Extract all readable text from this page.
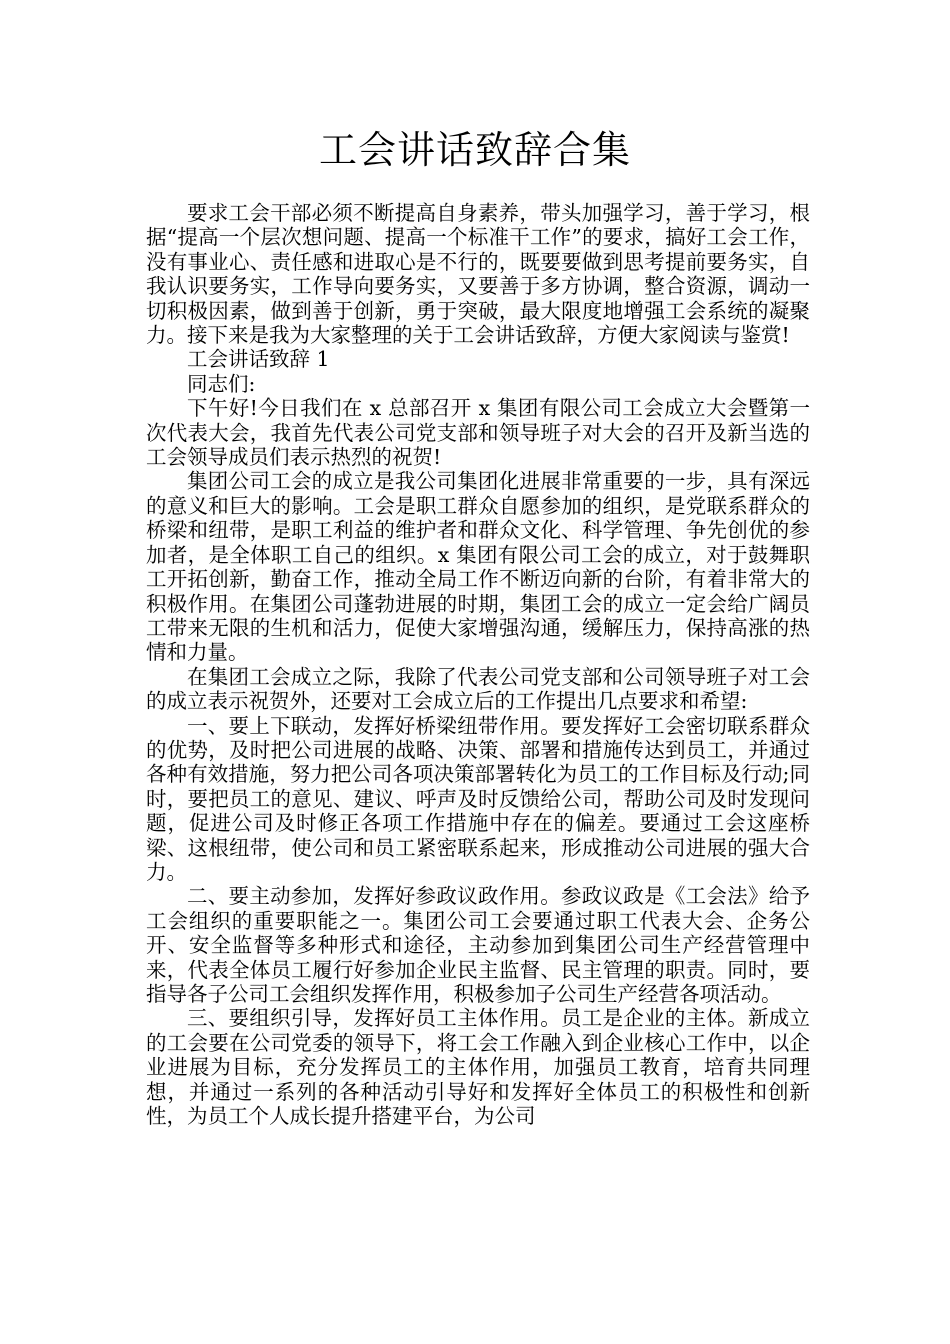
工会讲话致辞合集

要求工会干部必须不断提高自身素养，带头加强学习，善于学习，根据“提高一个层次想问题、提高一个标准干工作”的要求，搞好工会工作，没有事业心、责任感和进取心是不行的，既要要做到思考提前要务实，自我认识要务实，工作导向要务实，又要善于多方协调，整合资源，调动一切积极因素，做到善于创新，勇于突破，最大限度地增强工会系统的凝聚力。接下来是我为大家整理的关于工会讲话致辞，方便大家阅读与鉴赏!

工会讲话致辞 1

同志们:

下午好!今日我们在 x 总部召开 x 集团有限公司工会成立大会暨第一次代表大会，我首先代表公司党支部和领导班子对大会的召开及新当选的工会领导成员们表示热烈的祝贺!

集团公司工会的成立是我公司集团化进展非常重要的一步，具有深远的意义和巨大的影响。工会是职工群众自愿参加的组织，是党联系群众的桥梁和纽带，是职工利益的维护者和群众文化、科学管理、争先创优的参加者，是全体职工自己的组织。x 集团有限公司工会的成立，对于鼓舞职工开拓创新，勤奋工作，推动全局工作不断迈向新的台阶，有着非常大的积极作用。在集团公司蓬勃进展的时期，集团工会的成立一定会给广阔员工带来无限的生机和活力，促使大家增强沟通，缓解压力，保持高涨的热情和力量。

在集团工会成立之际，我除了代表公司党支部和公司领导班子对工会的成立表示祝贺外，还要对工会成立后的工作提出几点要求和希望:

一、要上下联动，发挥好桥梁纽带作用。要发挥好工会密切联系群众的优势，及时把公司进展的战略、决策、部署和措施传达到员工，并通过各种有效措施，努力把公司各项决策部署转化为员工的工作目标及行动;同时，要把员工的意见、建议、呼声及时反馈给公司，帮助公司及时发现问题，促进公司及时修正各项工作措施中存在的偏差。要通过工会这座桥梁、这根纽带，使公司和员工紧密联系起来，形成推动公司进展的强大合力。

二、要主动参加，发挥好参政议政作用。参政议政是《工会法》给予工会组织的重要职能之一。集团公司工会要通过职工代表大会、企务公开、安全监督等多种形式和途径，主动参加到集团公司生产经营管理中来，代表全体员工履行好参加企业民主监督、民主管理的职责。同时，要指导各子公司工会组织发挥作用，积极参加子公司生产经营各项活动。

三、要组织引导，发挥好员工主体作用。员工是企业的主体。新成立的工会要在公司党委的领导下，将工会工作融入到企业核心工作中，以企业进展为目标，充分发挥员工的主体作用，加强员工教育，培育共同理想，并通过一系列的各种活动引导好和发挥好全体员工的积极性和创新性，为员工个人成长提升搭建平台，为公司
